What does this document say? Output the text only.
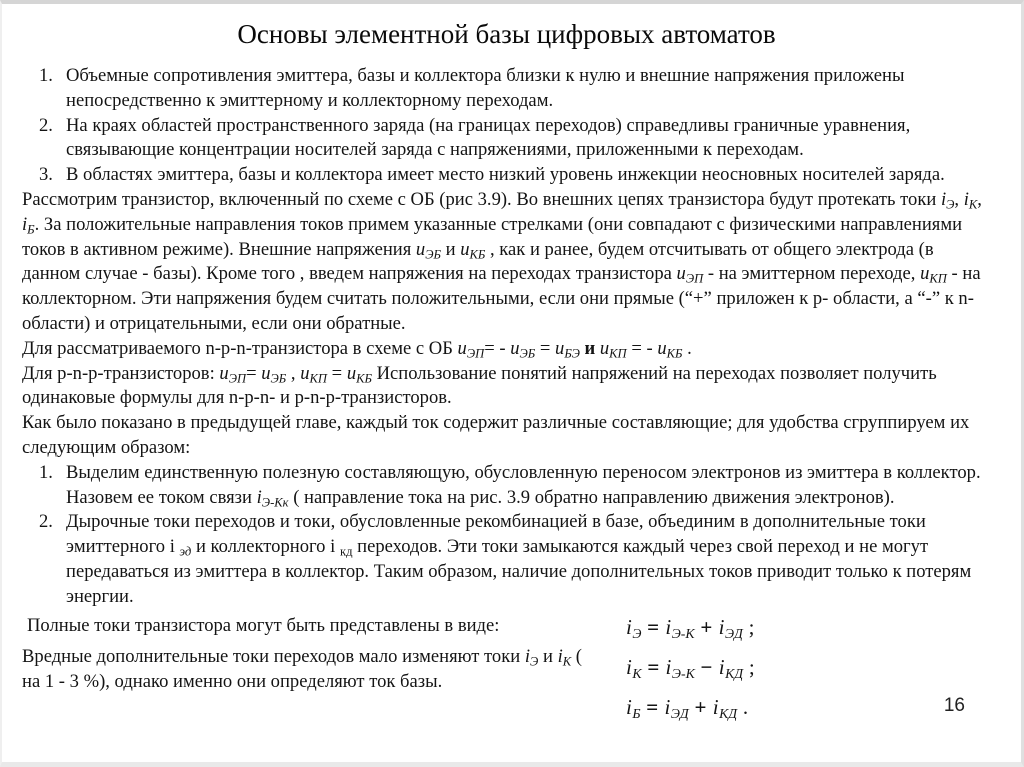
Основы элементной базы цифровых автоматов
1. Объемные сопротивления эмиттера, базы и коллектора близки к нулю и внешние напряжения приложены непосредственно к эмиттерному и коллекторному переходам.
2. На краях областей пространственного заряда (на границах переходов) справедливы граничные уравнения, связывающие концентрации носителей заряда с напряжениями, приложенными к переходам.
3. В областях эмиттера, базы и коллектора имеет место низкий уровень инжекции неосновных носителей заряда.
Рассмотрим транзистор, включенный по схеме с ОБ (рис 3.9). Во внешних цепях транзистора будут протекать токи $i_Э$, $i_К$, $i_Б$. За положительные направления токов примем указанные стрелками (они совпадают с физическими направлениями токов в активном режиме). Внешние напряжения $u_{ЭБ}$ и $u_{КБ}$ , как и ранее, будем отсчитывать от общего электрода (в данном случае - базы). Кроме того , введем напряжения на переходах транзистора $u_{ЭП}$ - на эмиттерном переходе, $u_{КП}$ - на коллекторном. Эти напряжения будем считать положительными, если они прямые (“+” приложен к p- области, а “-” к n-области) и отрицательными, если они обратные.
Для рассматриваемого n-p-n-транзистора в схеме с ОБ $u_{ЭП}= - u_{ЭБ} = u_{БЭ}$ и $u_{КП}$ = - $u_{КБ}$ .
Для p-n-p-транзисторов: $u_{ЭП}= u_{ЭБ}$ , $u_{КП} = u_{КБ}$ Использование понятий напряжений на переходах позволяет получить одинаковые формулы для n-p-n- и p-n-p-транзисторов.
Как было показано в предыдущей главе, каждый ток содержит различные составляющие; для удобства сгруппируем их следующим образом:
1. Выделим единственную полезную составляющую, обусловленную переносом электронов из эмиттера в коллектор. Назовем ее током связи $i_{Э-Кк}$ ( направление тока на рис. 3.9 обратно направлению движения электронов).
2. Дырочные токи переходов и токи, обусловленные рекомбинацией в базе, объединим в дополнительные токи эмиттерного i $_{эд}$ и коллекторного i $_{кд}$ переходов. Эти токи замыкаются каждый через свой переход и не могут передаваться из эмиттера в коллектор. Таким образом, наличие дополнительных токов приводит только к потерям энергии.
Полные токи транзистора могут быть представлены в виде:
Вредные дополнительные токи переходов мало изменяют токи $i_Э$ и $i_К$ ( на 1 - 3 %), однако именно они определяют ток базы.
$i_Э = i_{Э-К} + i_{ЭД}$ ;
$i_К = i_{Э-К} - i_{КД}$ ;
$i_Б = i_{ЭД} + i_{КД}$ .	16
